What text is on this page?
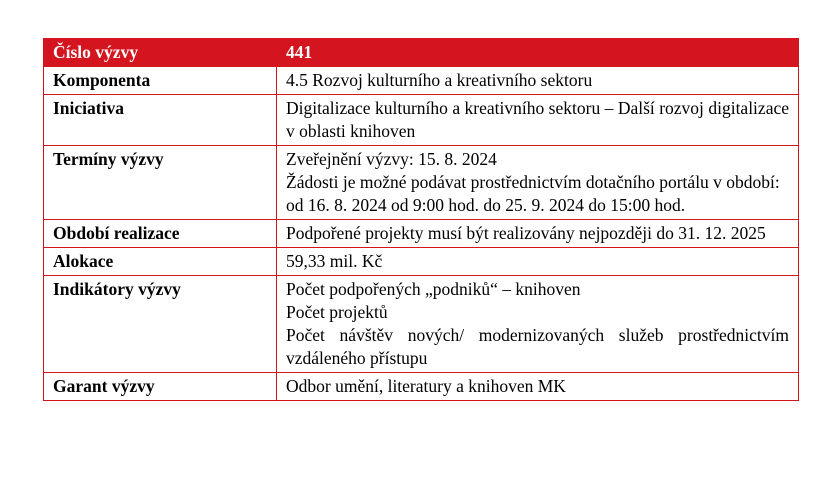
Číslo výzvy	441
Komponenta	4.5 Rozvoj kulturního a kreativního sektoru

Iniciativa	Digitalizace kulturního a kreativního sektoru – Další rozvoj digitalizace v oblasti knihoven
Termíny výzvy	Zveřejnění výzvy: 15. 8. 2024
Žádosti je možné podávat prostřednictvím dotačního portálu v období:
od 16. 8. 2024 od 9:00 hod. do 25. 9. 2024 do 15:00 hod.

Období realizace	Podpořené projekty musí být realizovány nejpozději do 31. 12. 2025
Alokace	59,33 mil. Kč

Indikátory výzvy	Počet podpořených „podniků“ – knihoven
Počet projektů
Počet návštěv nových/ modernizovaných služeb prostřednictvím vzdáleného přístupu

Garant výzvy	Odbor umění, literatury a knihoven MK
